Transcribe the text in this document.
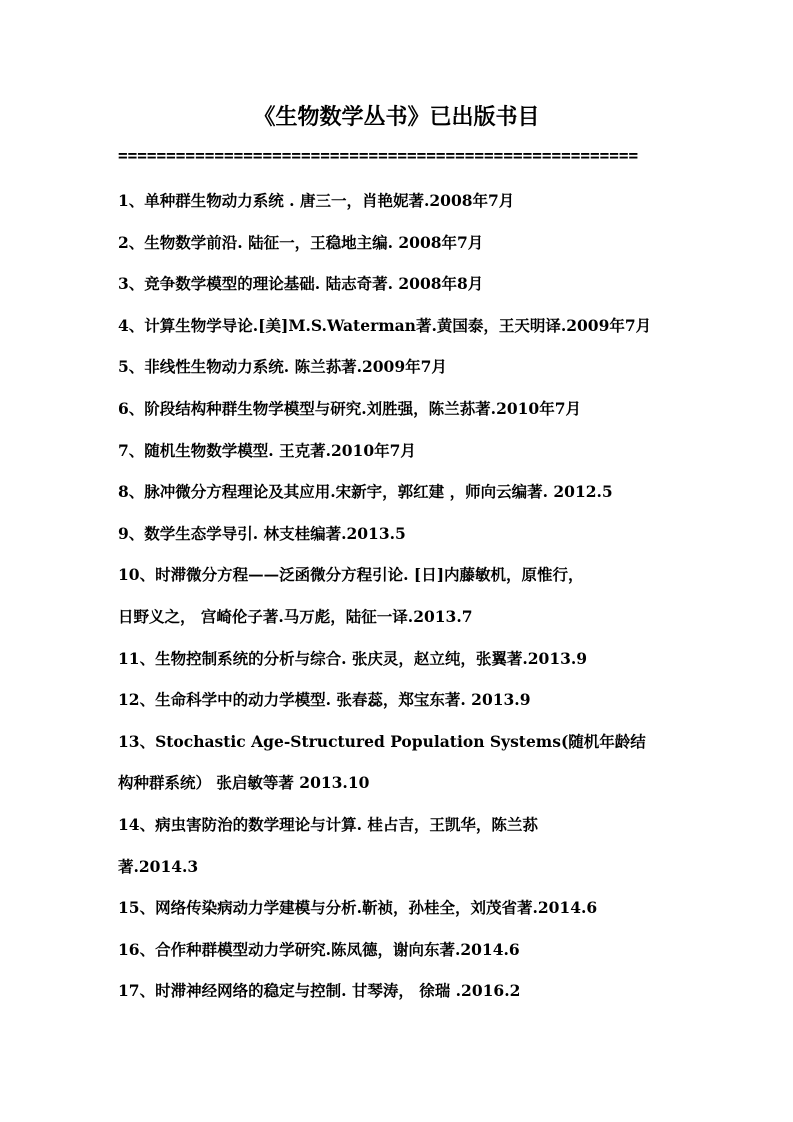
《生物数学丛书》已出版书目
======================================================
1、单种群生物动力系统 . 唐三一，肖艳妮著.2008年7月
2、生物数学前沿. 陆征一，王稳地主编. 2008年7月
3、竞争数学模型的理论基础. 陆志奇著. 2008年8月
4、计算生物学导论.[美]M.S.Waterman著.黄国泰，王天明译.2009年7月
5、非线性生物动力系统. 陈兰荪著.2009年7月
6、阶段结构种群生物学模型与研究.刘胜强，陈兰荪著.2010年7月
7、随机生物数学模型. 王克著.2010年7月
8、脉冲微分方程理论及其应用.宋新宇，郭红建 ，师向云编著. 2012.5
9、数学生态学导引. 林支桂编著.2013.5
10、时滞微分方程——泛函微分方程引论. [日]内藤敏机，原惟行，
日野义之， 宫崎伦子著.马万彪，陆征一译.2013.7
11、生物控制系统的分析与综合. 张庆灵，赵立纯，张翼著.2013.9
12、生命科学中的动力学模型. 张春蕊，郑宝东著. 2013.9
13、Stochastic Age-Structured Population Systems(随机年龄结
构种群系统） 张启敏等著 2013.10
14、病虫害防治的数学理论与计算. 桂占吉，王凯华，陈兰荪
著.2014.3
15、网络传染病动力学建模与分析.靳祯，孙桂全，刘茂省著.2014.6
16、合作种群模型动力学研究.陈凤德，谢向东著.2014.6
17、时滞神经网络的稳定与控制. 甘琴涛， 徐瑞 .2016.2
